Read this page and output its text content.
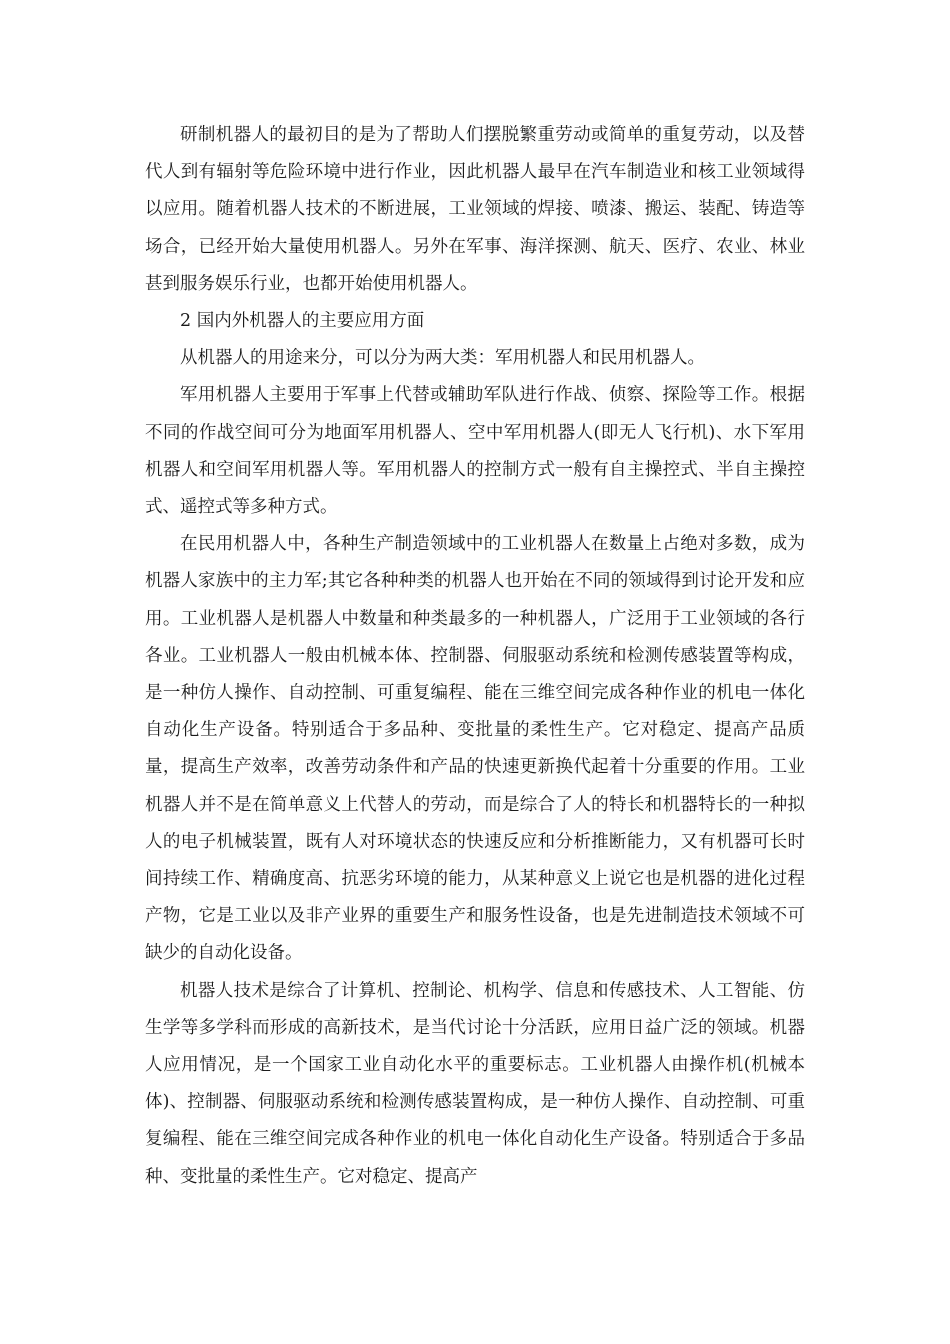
研制机器人的最初目的是为了帮助人们摆脱繁重劳动或简单的重复劳动，以及替代人到有辐射等危险环境中进行作业，因此机器人最早在汽车制造业和核工业领域得以应用。随着机器人技术的不断进展，工业领域的焊接、喷漆、搬运、装配、铸造等场合，已经开始大量使用机器人。另外在军事、海洋探测、航天、医疗、农业、林业甚到服务娱乐行业，也都开始使用机器人。

2 国内外机器人的主要应用方面

从机器人的用途来分，可以分为两大类：军用机器人和民用机器人。

军用机器人主要用于军事上代替或辅助军队进行作战、侦察、探险等工作。根据不同的作战空间可分为地面军用机器人、空中军用机器人(即无人飞行机)、水下军用机器人和空间军用机器人等。军用机器人的控制方式一般有自主操控式、半自主操控式、遥控式等多种方式。

在民用机器人中，各种生产制造领域中的工业机器人在数量上占绝对多数，成为机器人家族中的主力军;其它各种种类的机器人也开始在不同的领域得到讨论开发和应用。工业机器人是机器人中数量和种类最多的一种机器人，广泛用于工业领域的各行各业。工业机器人一般由机械本体、控制器、伺服驱动系统和检测传感装置等构成，是一种仿人操作、自动控制、可重复编程、能在三维空间完成各种作业的机电一体化自动化生产设备。特别适合于多品种、变批量的柔性生产。它对稳定、提高产品质量，提高生产效率，改善劳动条件和产品的快速更新换代起着十分重要的作用。工业机器人并不是在简单意义上代替人的劳动，而是综合了人的特长和机器特长的一种拟人的电子机械装置，既有人对环境状态的快速反应和分析推断能力，又有机器可长时间持续工作、精确度高、抗恶劣环境的能力，从某种意义上说它也是机器的进化过程产物，它是工业以及非产业界的重要生产和服务性设备，也是先进制造技术领域不可缺少的自动化设备。

机器人技术是综合了计算机、控制论、机构学、信息和传感技术、人工智能、仿生学等多学科而形成的高新技术，是当代讨论十分活跃，应用日益广泛的领域。机器人应用情况，是一个国家工业自动化水平的重要标志。工业机器人由操作机(机械本体)、控制器、伺服驱动系统和检测传感装置构成，是一种仿人操作、自动控制、可重复编程、能在三维空间完成各种作业的机电一体化自动化生产设备。特别适合于多品种、变批量的柔性生产。它对稳定、提高产
